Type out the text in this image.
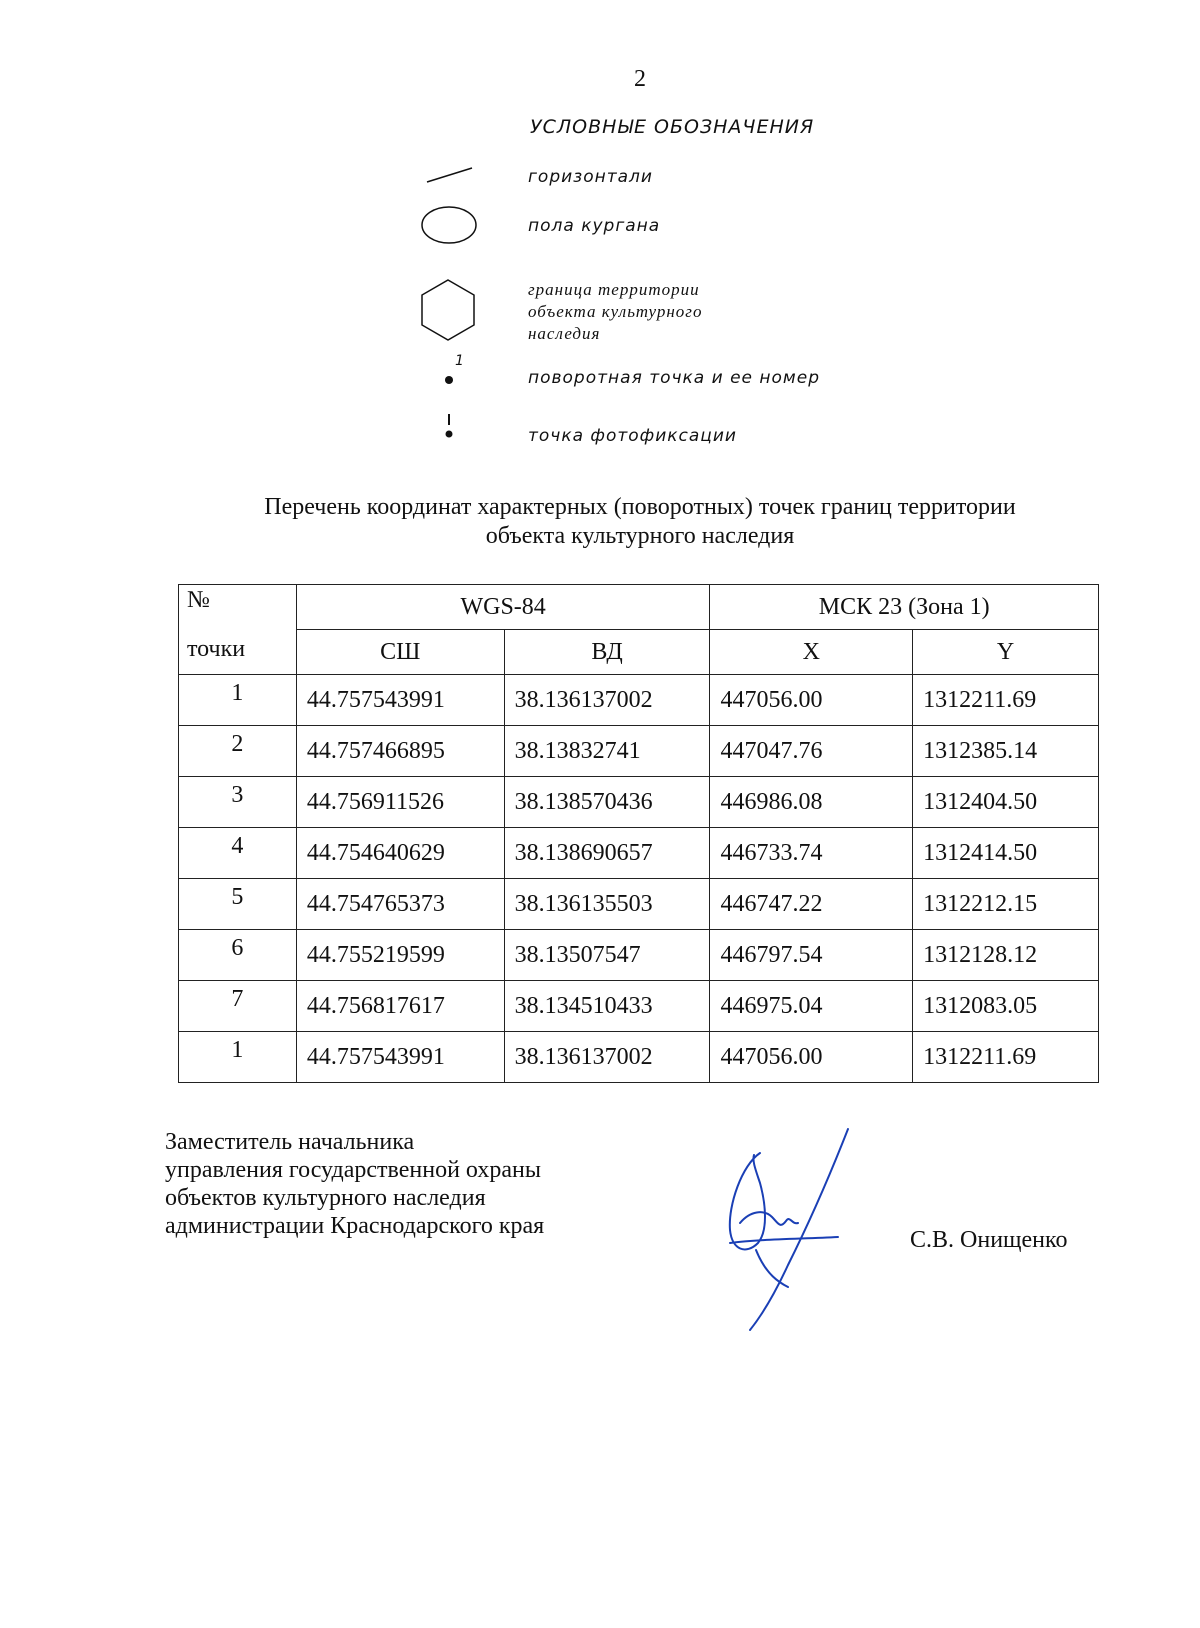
2
УСЛОВНЫЕ ОБОЗНАЧЕНИЯ
горизонтали
пола кургана
граница территории
объекта культурного
наследия
1
поворотная точка и ее номер
точка фотофиксации
Перечень координат характерных (поворотных) точек границ территории
объекта культурного наследия
№
точки	WGS-84		МСК 23 (Зона 1)	
	СШ	ВД	X	Y
1	44.757543991	38.136137002	447056.00	1312211.69
2	44.757466895	38.13832741	447047.76	1312385.14
3	44.756911526	38.138570436	446986.08	1312404.50
4	44.754640629	38.138690657	446733.74	1312414.50
5	44.754765373	38.136135503	446747.22	1312212.15
6	44.755219599	38.13507547	446797.54	1312128.12
7	44.756817617	38.134510433	446975.04	1312083.05
1	44.757543991	38.136137002	447056.00	1312211.69
Заместитель начальника
управления государственной охраны
объектов культурного наследия
администрации Краснодарского края
С.В. Онищенко
